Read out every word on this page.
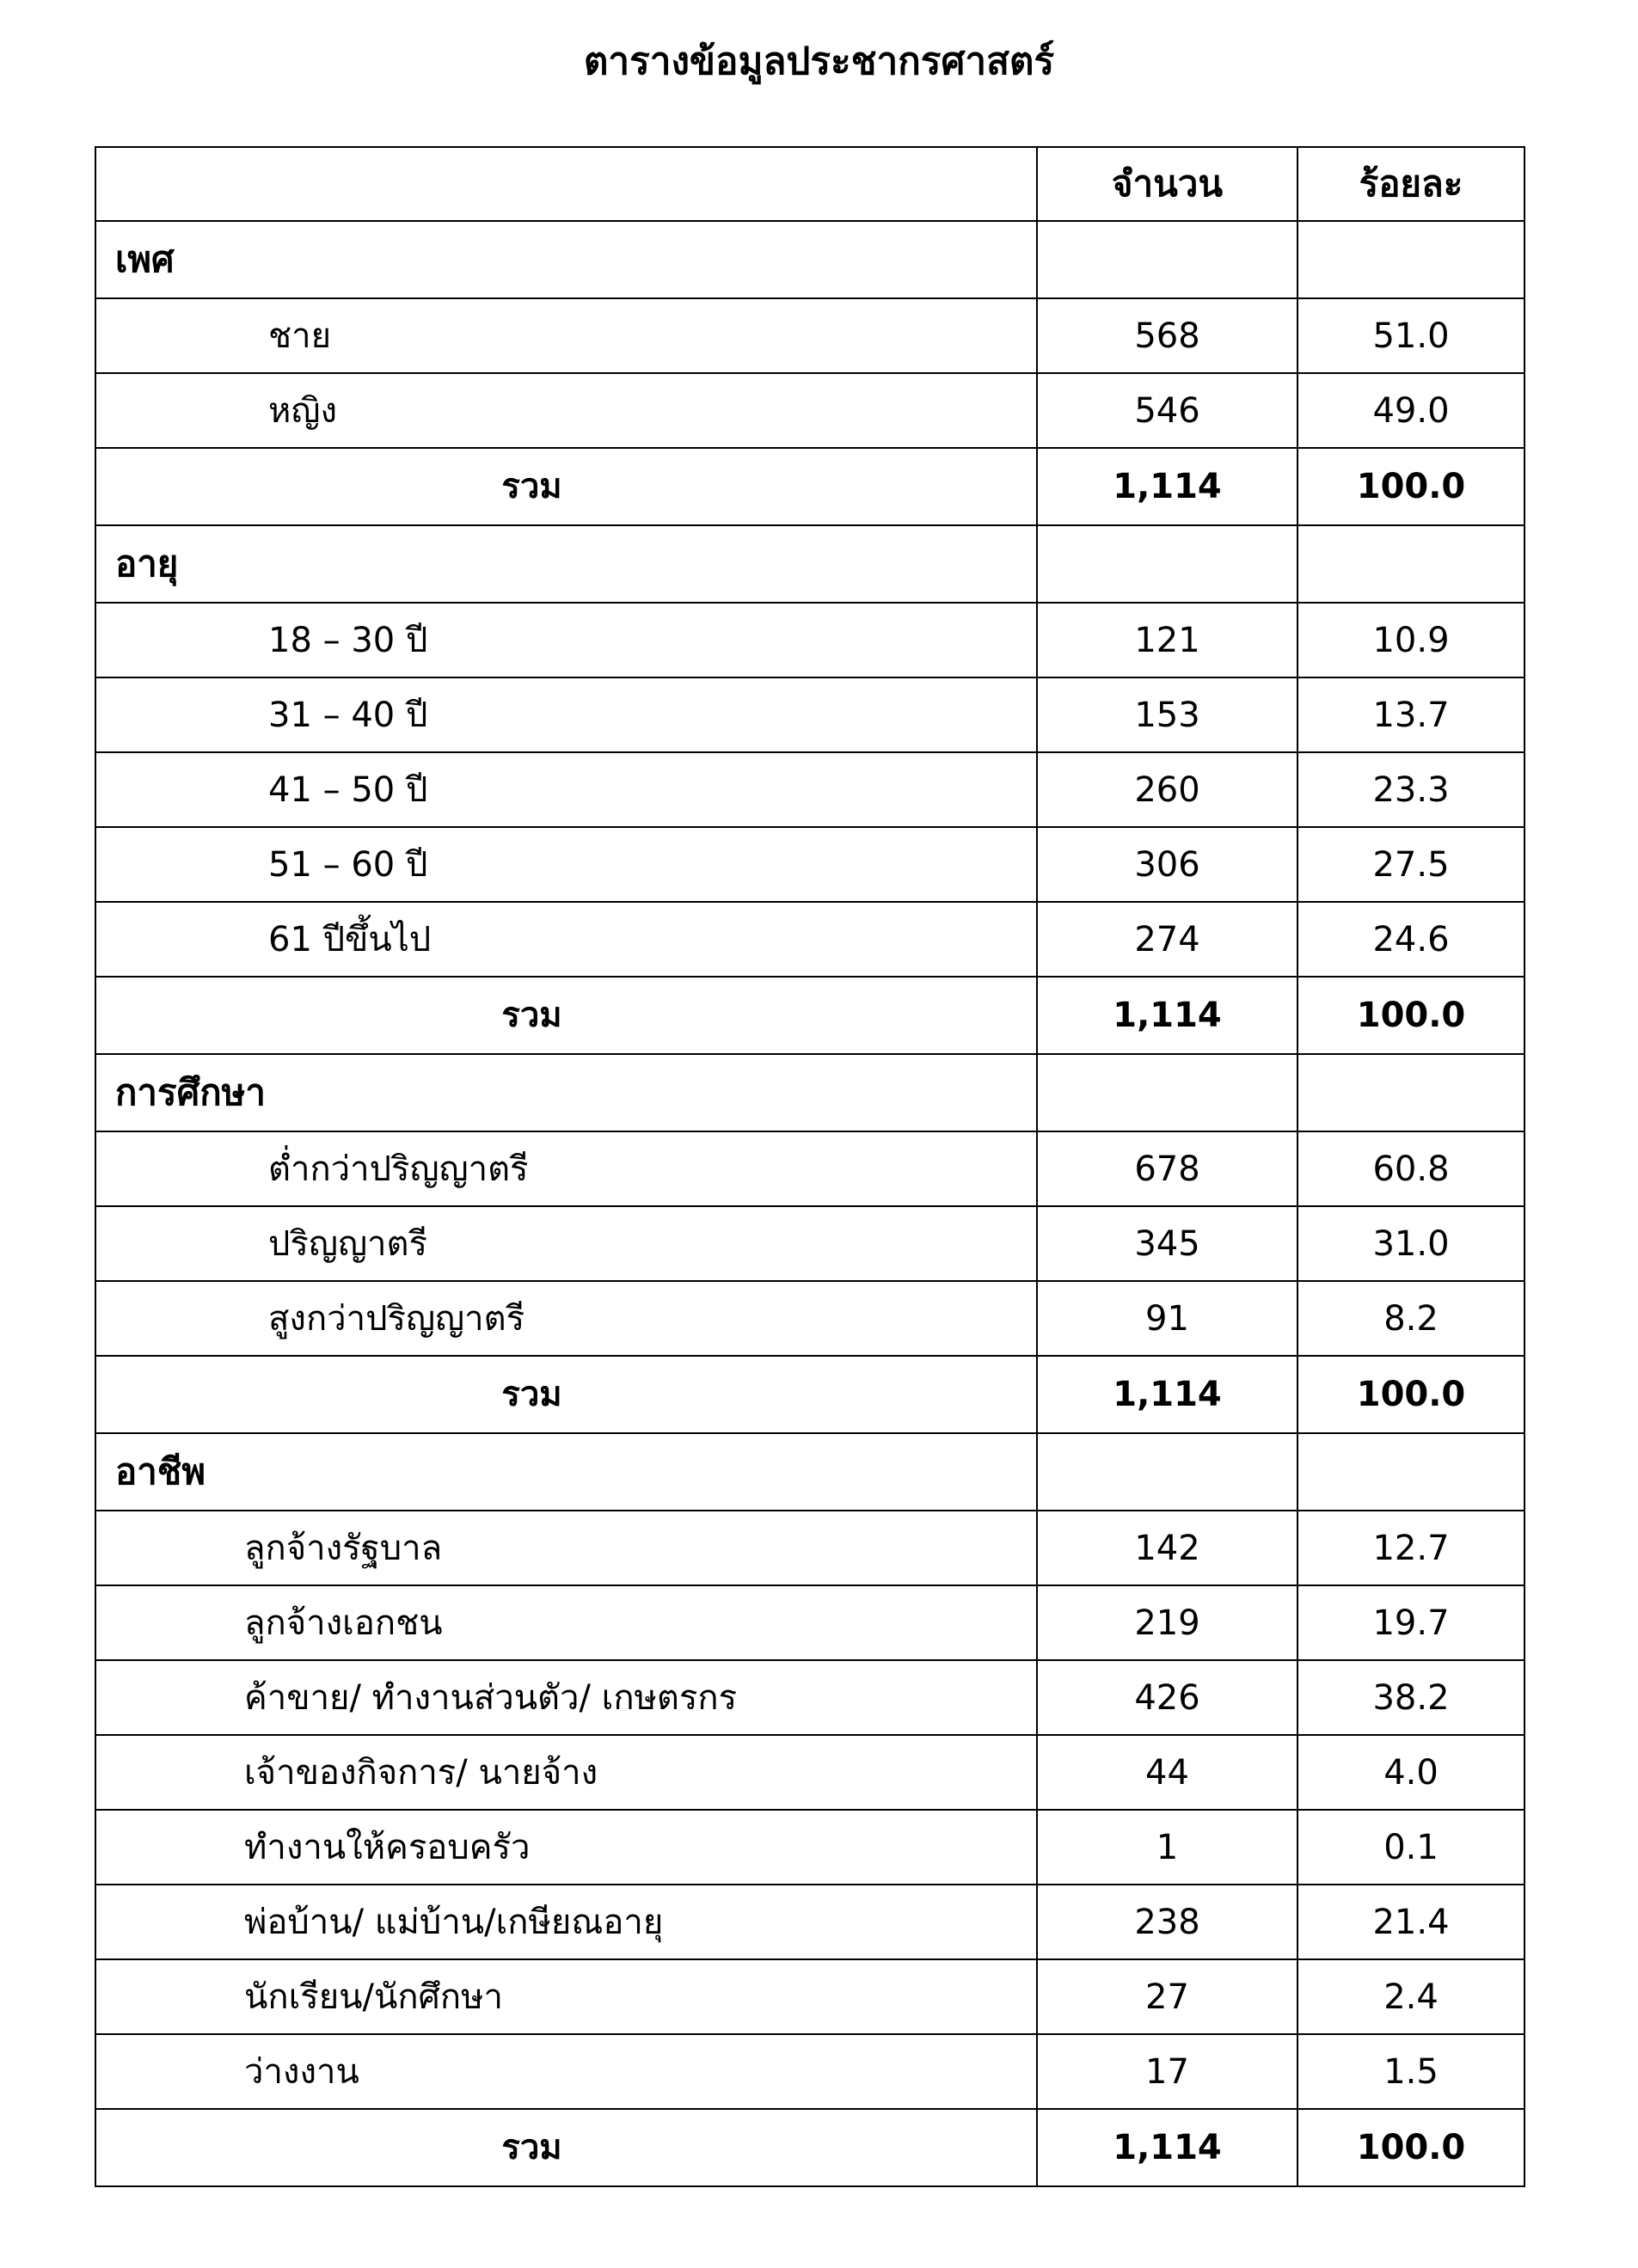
ตารางข้อมูลประชากรศาสตร์
	จำนวน	ร้อยละ
เพศ		
ชาย	568	51.0
หญิง	546	49.0
รวม	1,114	100.0
อายุ		
18 – 30 ปี	121	10.9
31 – 40 ปี	153	13.7
41 – 50 ปี	260	23.3
51 – 60 ปี	306	27.5
61 ปีขึ้นไป	274	24.6
รวม	1,114	100.0
การศึกษา		
ต่ำกว่าปริญญาตรี	678	60.8
ปริญญาตรี	345	31.0
สูงกว่าปริญญาตรี	91	8.2
รวม	1,114	100.0
อาชีพ		
ลูกจ้างรัฐบาล	142	12.7
ลูกจ้างเอกชน	219	19.7
ค้าขาย/ ทำงานส่วนตัว/ เกษตรกร	426	38.2
เจ้าของกิจการ/ นายจ้าง	44	4.0
ทำงานให้ครอบครัว	1	0.1
พ่อบ้าน/ แม่บ้าน/เกษียณอายุ	238	21.4
นักเรียน/นักศึกษา	27	2.4
ว่างงาน	17	1.5
รวม	1,114	100.0
